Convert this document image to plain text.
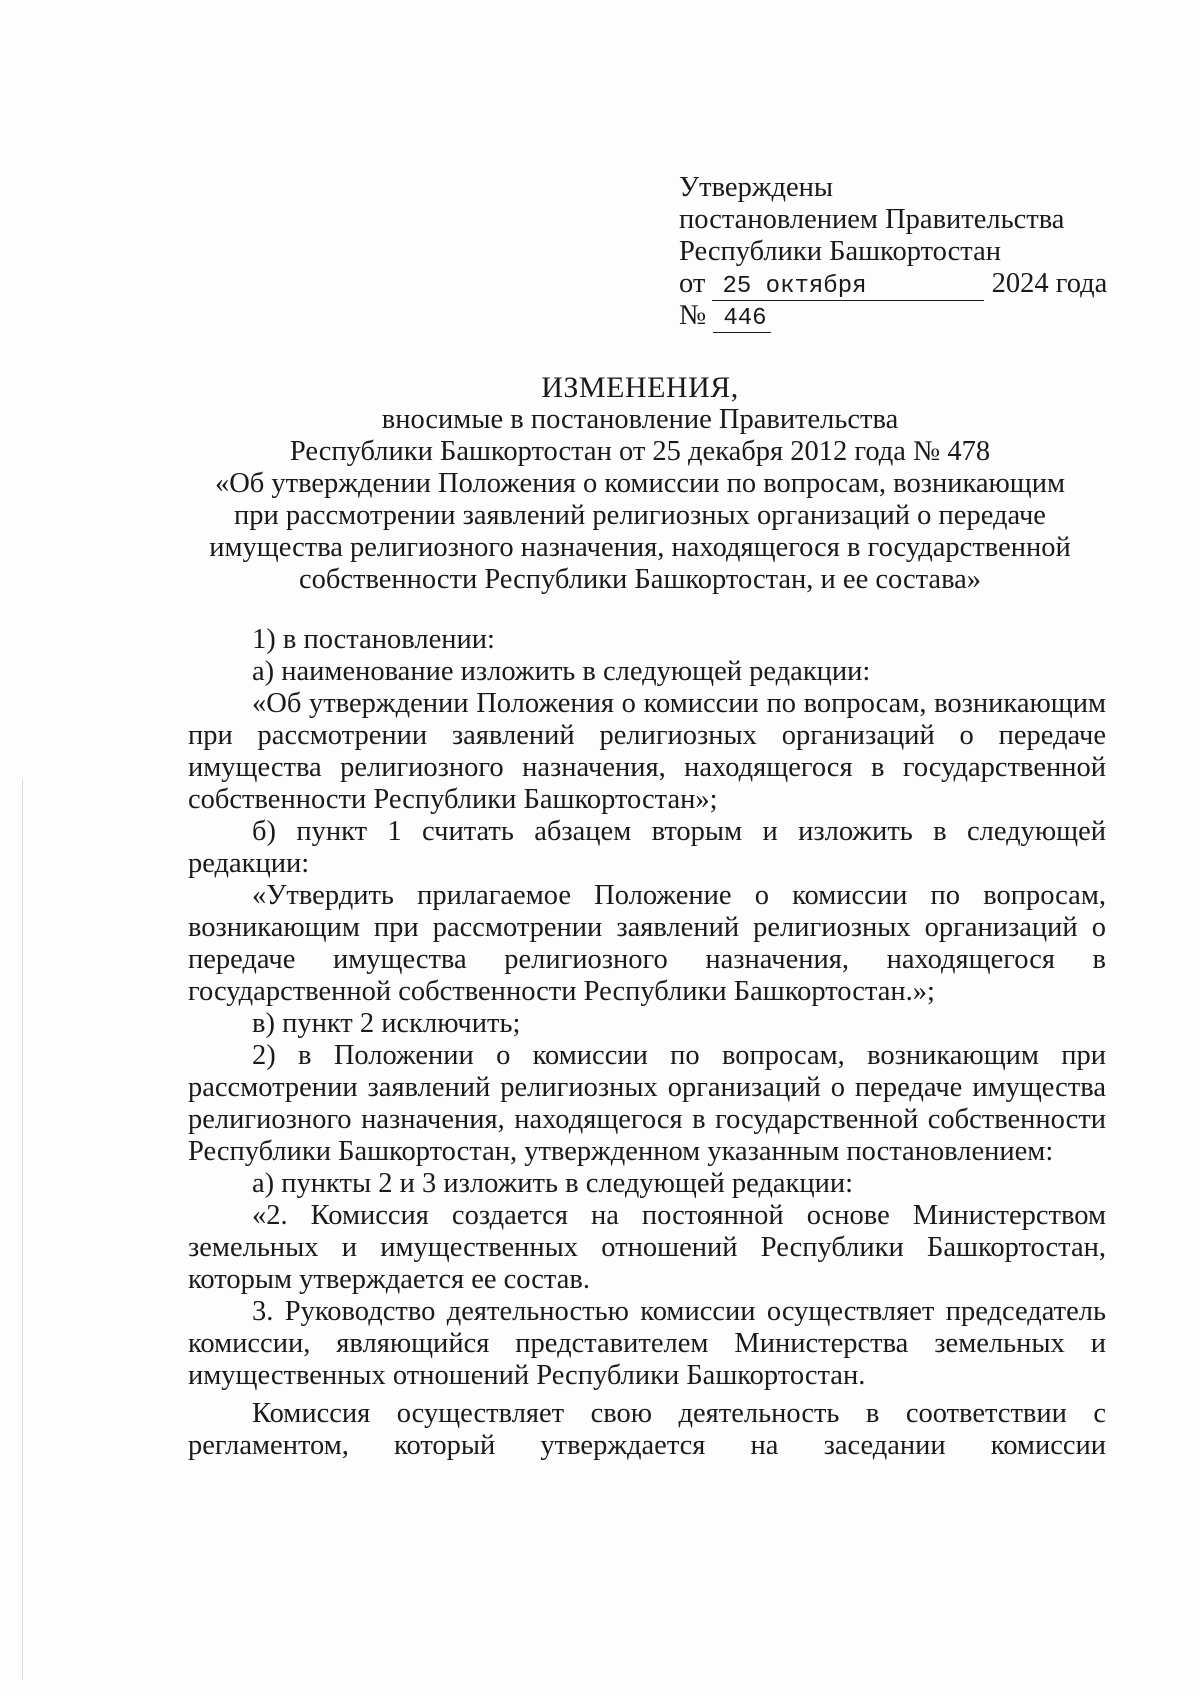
Утверждены
постановлением Правительства
Республики Башкортостан
от 25 октября	2024 года
№ 446
ИЗМЕНЕНИЯ,
вносимые в постановление Правительства
Республики Башкортостан от 25 декабря 2012 года № 478
«Об утверждении Положения о комиссии по вопросам, возникающим
при рассмотрении заявлений религиозных организаций о передаче
имущества религиозного назначения, находящегося в государственной
собственности Республики Башкортостан, и ее состава»

1) в постановлении:

а) наименование изложить в следующей редакции:

«Об утверждении Положения о комиссии по вопросам, возникающим при рассмотрении заявлений религиозных организаций о передаче имущества религиозного назначения, находящегося в государственной собственности Республики Башкортостан»;

б) пункт 1 считать абзацем вторым и изложить в следующей редакции:

«Утвердить прилагаемое Положение о комиссии по вопросам, возникающим при рассмотрении заявлений религиозных организаций о передаче имущества религиозного назначения, находящегося в государственной собственности Республики Башкортостан.»;

в) пункт 2 исключить;

2) в Положении о комиссии по вопросам, возникающим при рассмотрении заявлений религиозных организаций о передаче имущества религиозного назначения, находящегося в государственной собственности Республики Башкортостан, утвержденном указанным постановлением:

а) пункты 2 и 3 изложить в следующей редакции:

«2. Комиссия создается на постоянной основе Министерством земельных и имущественных отношений Республики Башкортостан, которым утверждается ее состав.

3. Руководство деятельностью комиссии осуществляет председатель комиссии, являющийся представителем Министерства земельных и имущественных отношений Республики Башкортостан.

Комиссия осуществляет свою деятельность в соответствии с регламентом, который утверждается на заседании комиссии
